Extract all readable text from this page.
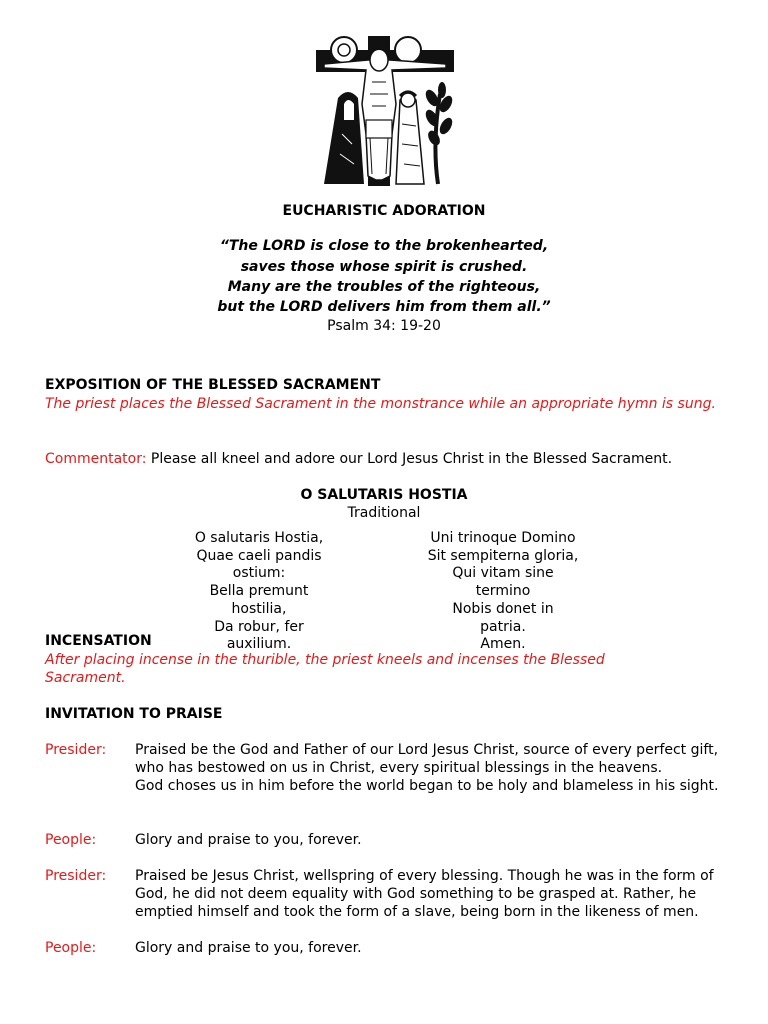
EUCHARISTIC ADORATION
“The LORD is close to the brokenhearted,
saves those whose spirit is crushed.
Many are the troubles of the righteous,
but the LORD delivers him from them all.”
Psalm 34: 19-20
EXPOSITION OF THE BLESSED SACRAMENT
The priest places the Blessed Sacrament in the monstrance while an appropriate hymn is sung.
Commentator: Please all kneel and adore our Lord Jesus Christ in the Blessed Sacrament.
O SALUTARIS HOSTIA
Traditional
O salutaris Hostia,
Quae caeli pandis
ostium:
Bella premunt
hostilia,
Da robur, fer
auxilium.
Uni trinoque Domino
Sit sempiterna gloria,
Qui vitam sine
termino
Nobis donet in
patria.
Amen.
INCENSATION
After placing incense in the thurible, the priest kneels and incenses the Blessed Sacrament.
INVITATION TO PRAISE
Presider:	Praised be the God and Father of our Lord Jesus Christ, source of every perfect gift, who has bestowed on us in Christ, every spiritual blessings in the heavens.
God choses us in him before the world began to be holy and blameless in his sight.
People:	Glory and praise to you, forever.
Presider:	Praised be Jesus Christ, wellspring of every blessing. Though he was in the form of God, he did not deem equality with God something to be grasped at. Rather, he emptied himself and took the form of a slave, being born in the likeness of men.
People:	Glory and praise to you, forever.
